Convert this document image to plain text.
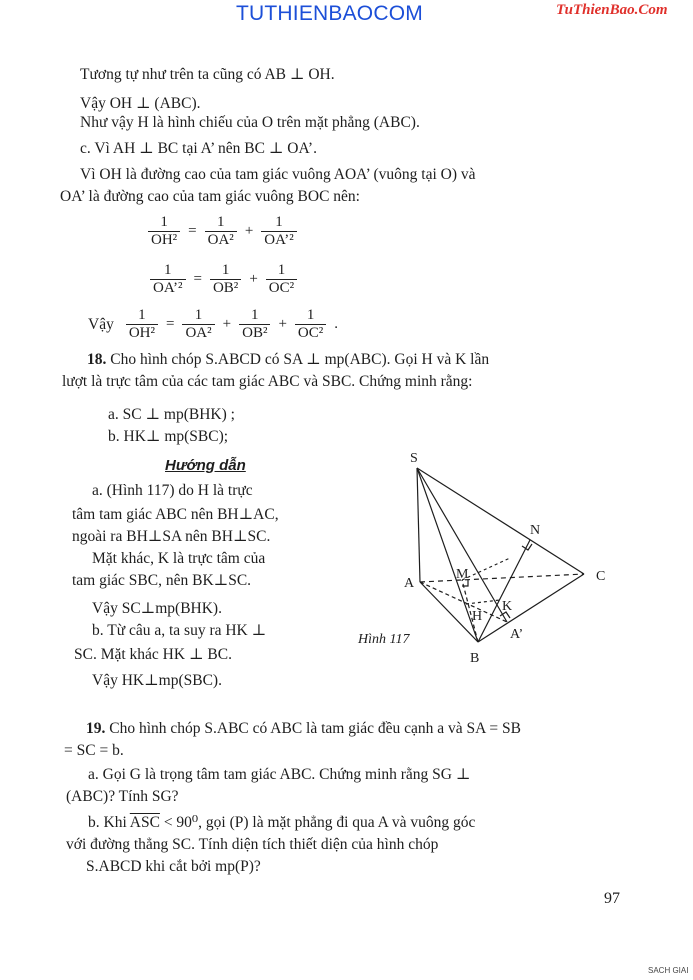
TUTHIENBAOCOM	TuThienBao.Com
Tương tự như trên ta cũng có AB ⊥ OH.
Vậy OH ⊥ (ABC).
Như vậy H là hình chiếu của O trên mặt phẳng (ABC).
c. Vì AH ⊥ BC tại A’ nên BC ⊥ OA’.
Vì OH là đường cao của tam giác vuông AOA’ (vuông tại O) và
OA’ là đường cao của tam giác vuông BOC nên:
$\frac{1}{\text{OH²}} = \frac{1}{\text{OA²}} + \frac{1}{\text{OA’²}}$
$\frac{1}{\text{OA’²}} = \frac{1}{\text{OB²}} + \frac{1}{\text{OC²}}$
Vậy $\frac{1}{\text{OH²}} = \frac{1}{\text{OA²}} + \frac{1}{\text{OB²}} + \frac{1}{\text{OC²}}$ .
18. Cho hình chóp S.ABCD có SA ⊥ mp(ABC). Gọi H và K lần
lượt là trực tâm của các tam giác ABC và SBC. Chứng minh rằng:
a. SC ⊥ mp(BHK) ;
b. HK⊥ mp(SBC);
Hướng dẫn
a. (Hình 117) do H là trực
tâm tam giác ABC nên BH⊥AC,
ngoài ra BH⊥SA nên BH⊥SC.
Mặt khác, K là trực tâm của
tam giác SBC, nên BK⊥SC.
Vậy SC⊥mp(BHK).
b. Từ câu a, ta suy ra HK ⊥
SC. Mặt khác HK ⊥ BC.
Vậy HK⊥mp(SBC).
S
N
A
M	C
H
K
A’
B
Hình 117
19. Cho hình chóp S.ABC có ABC là tam giác đều cạnh a và SA = SB
= SC = b.
a. Gọi G là trọng tâm tam giác ABC. Chứng minh rằng SG ⊥
(ABC)? Tính SG?
b. Khi $\overline{ASC} < 90^0$, gọi (P) là mặt phẳng đi qua A và vuông góc
với đường thẳng SC. Tính diện tích thiết diện của hình chóp
S.ABCD khi cắt bởi mp(P)?
97
SACH GIAI
